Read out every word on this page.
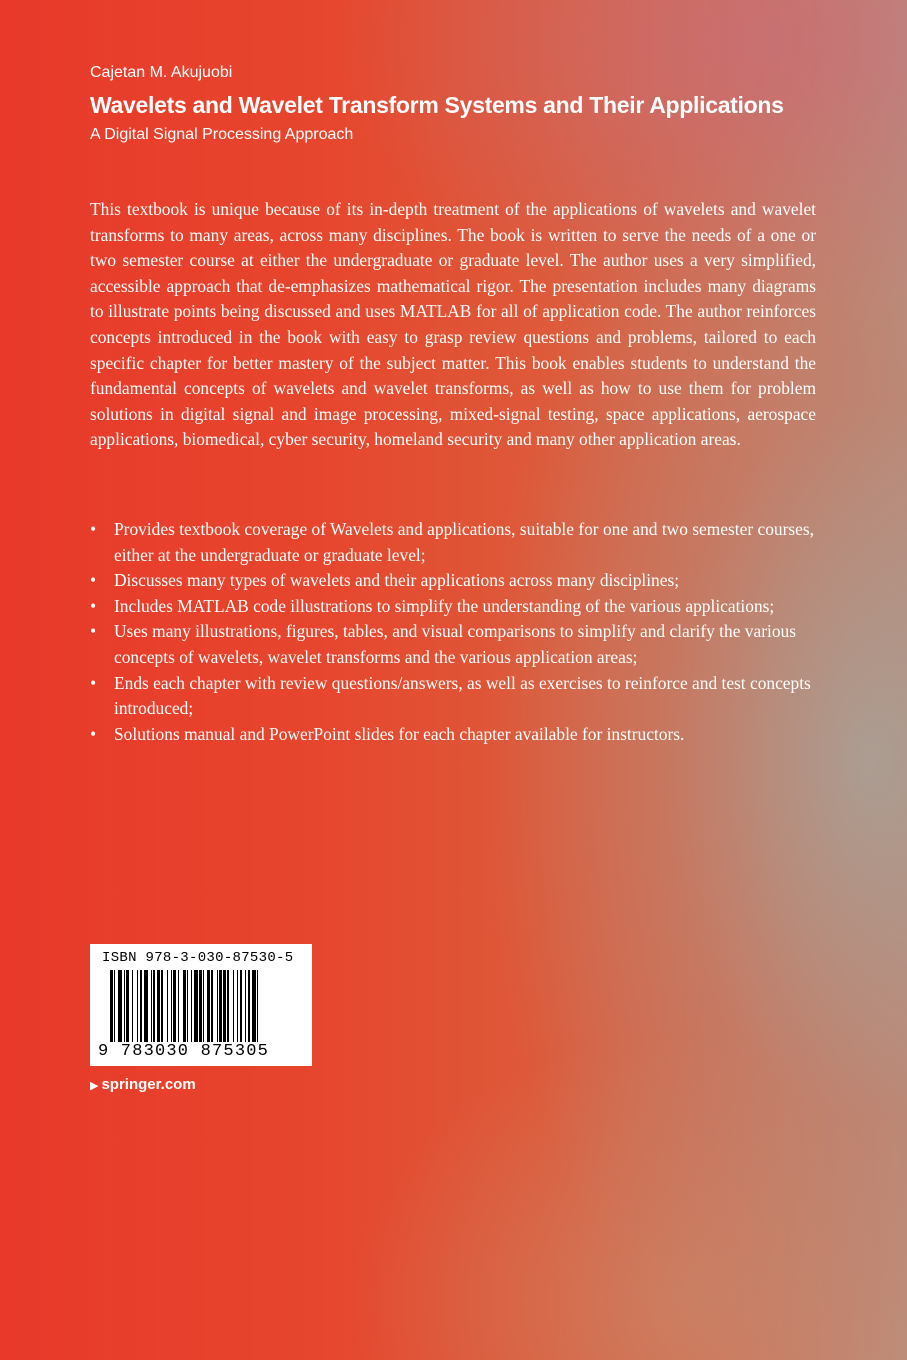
Cajetan M. Akujuobi
Wavelets and Wavelet Transform Systems and Their Applications
A Digital Signal Processing Approach
This textbook is unique because of its in-depth treatment of the applications of wavelets and wavelet transforms to many areas, across many disciplines. The book is written to serve the needs of a one or two semester course at either the undergraduate or graduate level. The author uses a very simplified, accessible approach that de-emphasizes mathematical rigor. The presentation includes many diagrams to illustrate points being discussed and uses MATLAB for all of application code. The author reinforces concepts introduced in the book with easy to grasp review questions and problems, tailored to each specific chapter for better mastery of the subject matter. This book enables students to understand the fundamental concepts of wavelets and wavelet transforms, as well as how to use them for problem solutions in digital signal and image processing, mixed-signal testing, space applications, aerospace applications, biomedical, cyber security, homeland security and many other application areas.
• Provides textbook coverage of Wavelets and applications, suitable for one and two semester courses, either at the undergraduate or graduate level;
• Discusses many types of wavelets and their applications across many disciplines;
• Includes MATLAB code illustrations to simplify the understanding of the various applications;
• Uses many illustrations, figures, tables, and visual comparisons to simplify and clarify the various concepts of wavelets, wavelet transforms and the various application areas;
• Ends each chapter with review questions/answers, as well as exercises to reinforce and test concepts introduced;
• Solutions manual and PowerPoint slides for each chapter available for instructors.
ISBN 978-3-030-87530-5
9 783030 875305
▶ springer.com
